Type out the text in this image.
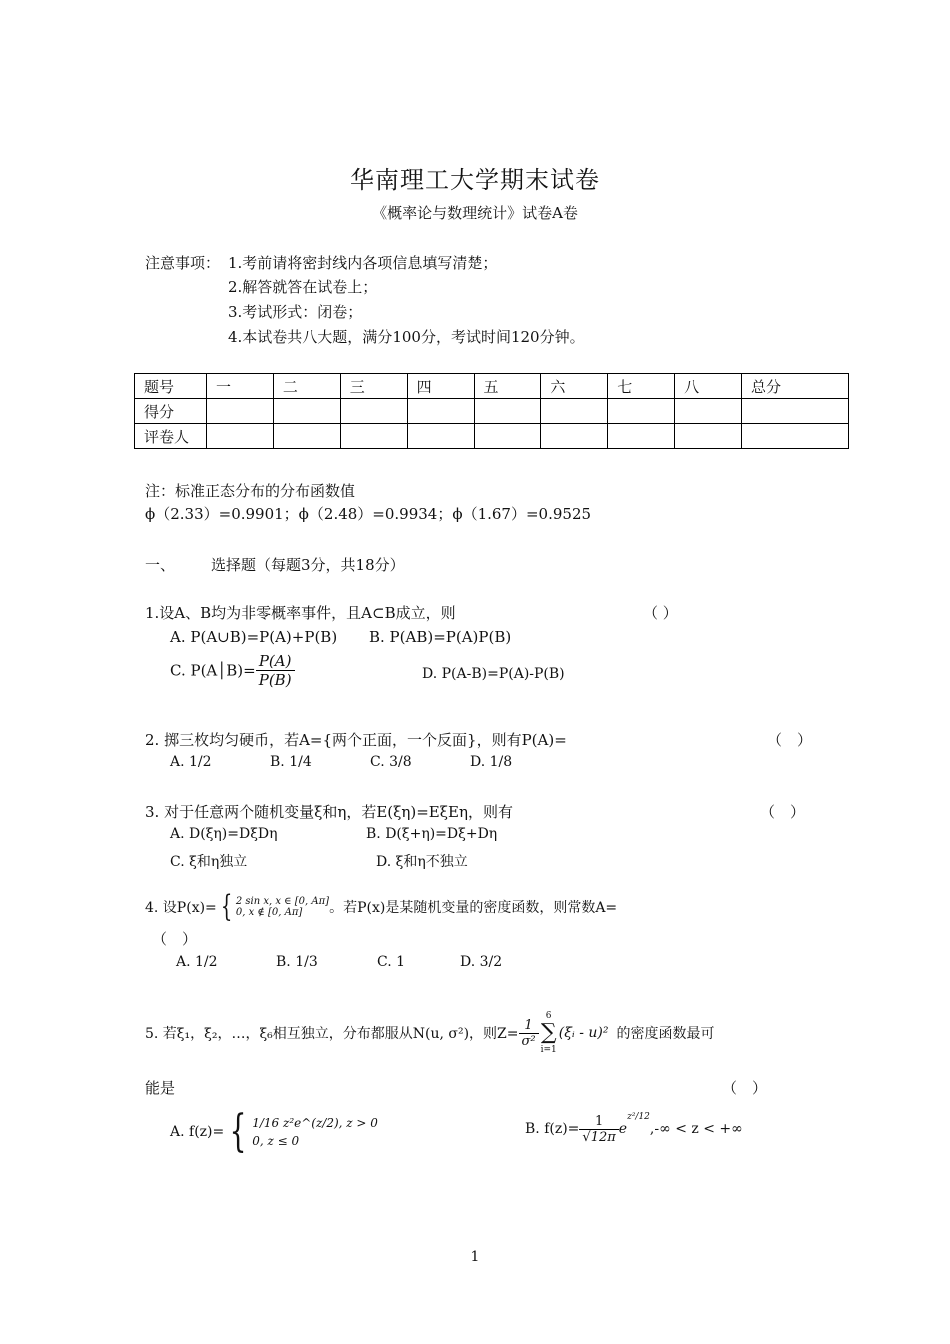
华南理工大学期末试卷
《概率论与数理统计》试卷A卷
注意事项： 1.考前请将密封线内各项信息填写清楚；
2.解答就答在试卷上；
3.考试形式：闭卷；
4.本试卷共八大题，满分100分，考试时间120分钟。
题号	一	二	三	四	五	六	七	八	总分
得分									
评卷人									
注：标准正态分布的分布函数值
ϕ（2.33）=0.9901；ϕ（2.48）=0.9934；ϕ（1.67）=0.9525
一、 选择题（每题3分，共18分）
1.设A、B均为非零概率事件，且A⊂B成立，则	（ ）
A. P(A∪B)=P(A)+P(B) B. P(AB)=P(A)P(B)
C. P(A│B)= $\frac{P(A)}{P(B)}$	D. P(A-B)=P(A)-P(B)
2. 掷三枚均匀硬币，若A={两个正面，一个反面}，则有P(A)=	（　）
A. 1/2	B. 1/4	C. 3/8	D. 1/8
3. 对于任意两个随机变量ξ和η，若E(ξη)=EξEη，则有	（　）
A. D(ξη)=DξDη	B. D(ξ+η)=Dξ+Dη
C. ξ和η独立	D. ξ和η不独立
4. 设P(x)= { 2 sin x, x ∈ [0, Aπ]
0, x ∉ [0, Aπ]	。若P(x)是某随机变量的密度函数，则常数A=
（　）
A. 1/2	B. 1/3	C. 1	D. 3/2
5. 若ξ₁，ξ₂，…，ξ₆相互独立，分布都服从N(u, σ²)，则$Z= \frac{1}{\text{σ²}}$
6
∑
i=1
(ξᵢ - u)² 的密度函数最可
能是	（　）
A. f(z)= { 1/16 z²e^(z/2), z > 0
0, z ≤ 0
B. $f(z)= \frac{1}{√12\pi} e^{z^2/12},-\infty < z$ < +∞
1
